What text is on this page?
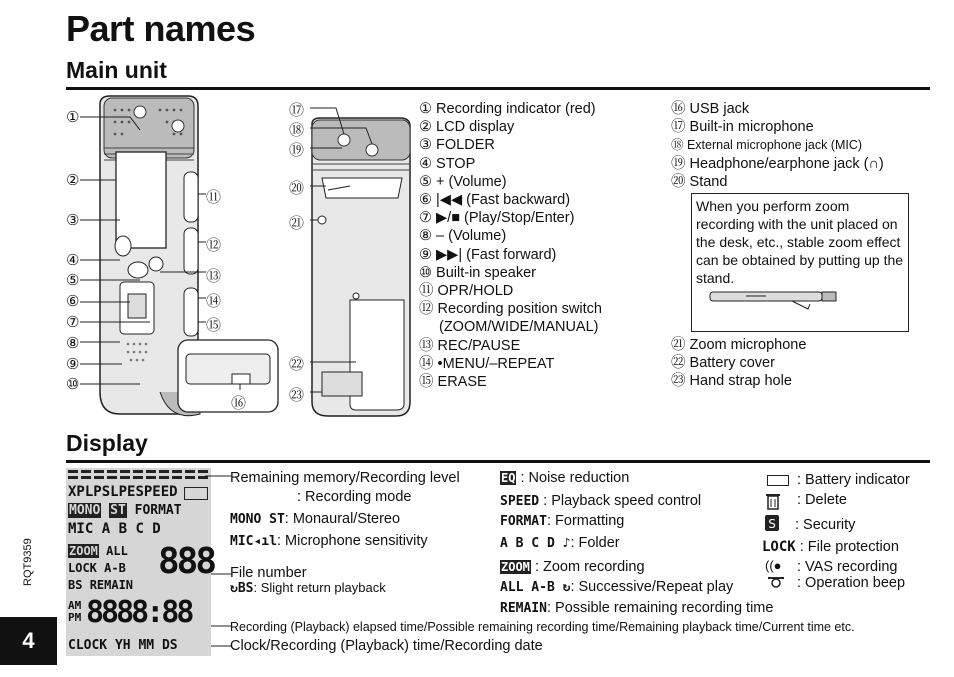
Part names
Main unit
①
②
③
④
⑤
⑥
⑦
⑧
⑨
⑩
⑪
⑫
⑬
⑭
⑮
⑯
⑰
⑱
⑲
⑳
㉑
㉒
㉓
① Recording indicator (red)
② LCD display
③ FOLDER
④ STOP
⑤ + (Volume)
⑥ |◀◀ (Fast backward)
⑦ ▶/■ (Play/Stop/Enter)
⑧ – (Volume)
⑨ ▶▶| (Fast forward)
⑩ Built-in speaker
⑪ OPR/HOLD
⑫ Recording position switch
(ZOOM/WIDE/MANUAL)
⑬ REC/PAUSE
⑭ •MENU/–REPEAT
⑮ ERASE
⑯ USB jack
⑰ Built-in microphone
⑱ External microphone jack (MIC)
⑲ Headphone/earphone jack (∩)
⑳ Stand
When you perform zoom recording with the unit placed on the desk, etc., stable zoom effect can be obtained by putting up the stand.
㉑ Zoom microphone
㉒ Battery cover
㉓ Hand strap hole
Display
XPLPSLPESPEED
MONO ST FORMAT
MIC A B C D
ZOOM ALL
LOCK A-B
BS REMAIN
888
AM
PM 8888:88
CLOCK YH MM DS
Remaining memory/Recording level
: Recording mode
MONO ST: Monaural/Stereo
MIC◂ıl: Microphone sensitivity
File number
↻BS: Slight return playback
Recording (Playback) elapsed time/Possible remaining recording time/Remaining playback time/Current time etc.
Clock/Recording (Playback) time/Recording date
EQ : Noise reduction
SPEED : Playback speed control
FORMAT: Formatting
A B C D ♪: Folder
ZOOM : Zoom recording
ALL A-B ↻: Successive/Repeat play
REMAIN: Possible remaining recording time
: Battery indicator
: Delete
S : Security
LOCK : File protection
((● : VAS recording
: Operation beep
RQT9359
4
